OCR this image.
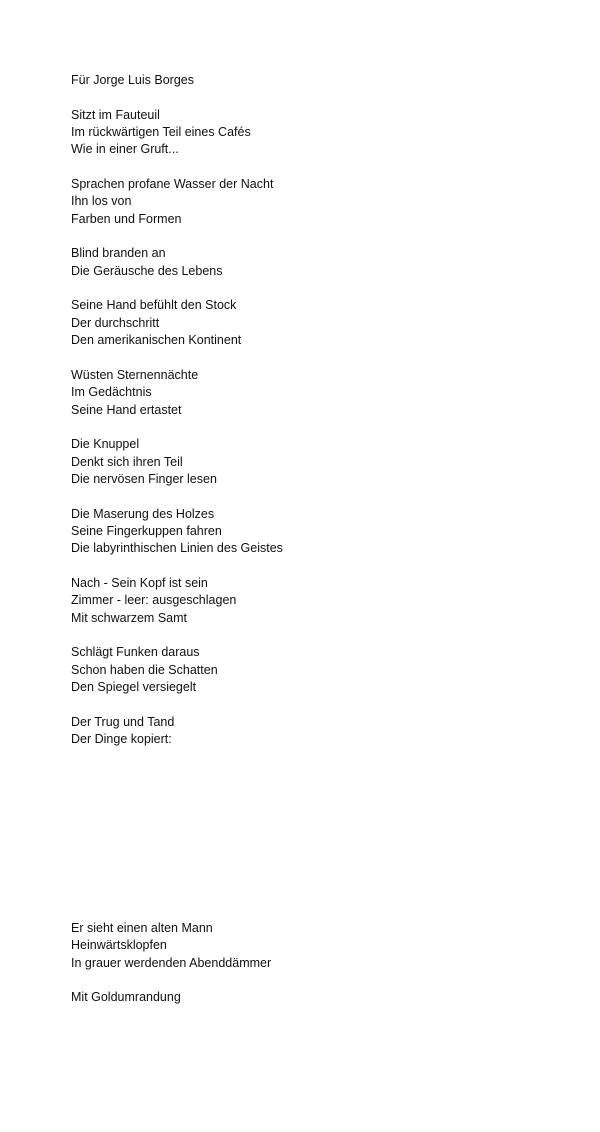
Für Jorge Luis Borges
Sitzt im Fauteuil
Im rückwärtigen Teil eines Cafés
Wie in einer Gruft...
Sprachen profane Wasser der Nacht
Ihn los von
Farben und Formen
Blind branden an
Die Geräusche des Lebens
Seine Hand befühlt den Stock
Der durchschritt
Den amerikanischen Kontinent
Wüsten Sternennächte
Im Gedächtnis
Seine Hand ertastet
Die Knuppel
Denkt sich ihren Teil
Die nervösen Finger lesen
Die Maserung des Holzes
Seine Fingerkuppen fahren
Die labyrinthischen Linien des Geistes
Nach - Sein Kopf ist sein
Zimmer - leer: ausgeschlagen
Mit schwarzem Samt
Schlägt Funken daraus
Schon haben die Schatten
Den Spiegel versiegelt
Der Trug und Tand
Der Dinge kopiert:
Er sieht einen alten Mann
Heinwärtsklopfen
In grauer werdenden Abenddämmer
Mit Goldumrandung
